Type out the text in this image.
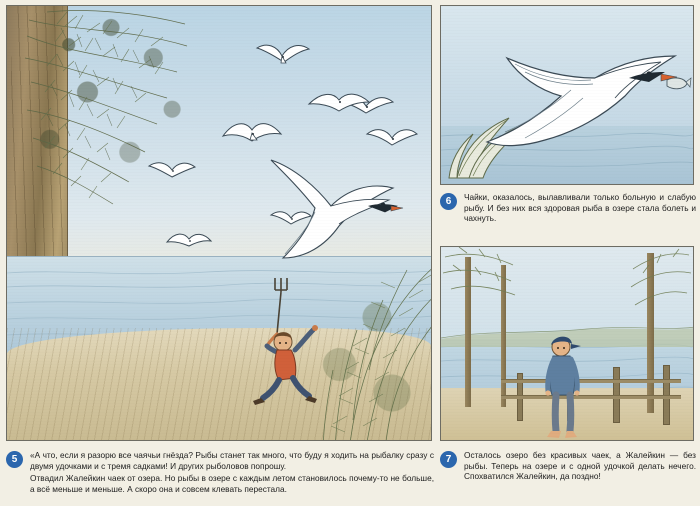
6	Чайки, оказалось, вылавливали только больную и слабую рыбу. И без них вся здоровая рыба в озере стала болеть и чахнуть.

5	«А что, если я разорю все чаячьи гнёзда? Рыбы станет так много, что буду я ходить на рыбалку сразу с двумя удочками и с тремя садками! И других рыболовов попрошу.

Отвадил Жалейкин чаек от озера. Но рыбы в озере с каждым летом становилось почему-то не больше, а всё меньше и меньше. А скоро она и совсем клевать перестала.

7	Осталось озеро без красивых чаек, а Жалейкин — без рыбы. Теперь на озере и с одной удочкой делать нечего. Спохватился Жалейкин, да поздно!
